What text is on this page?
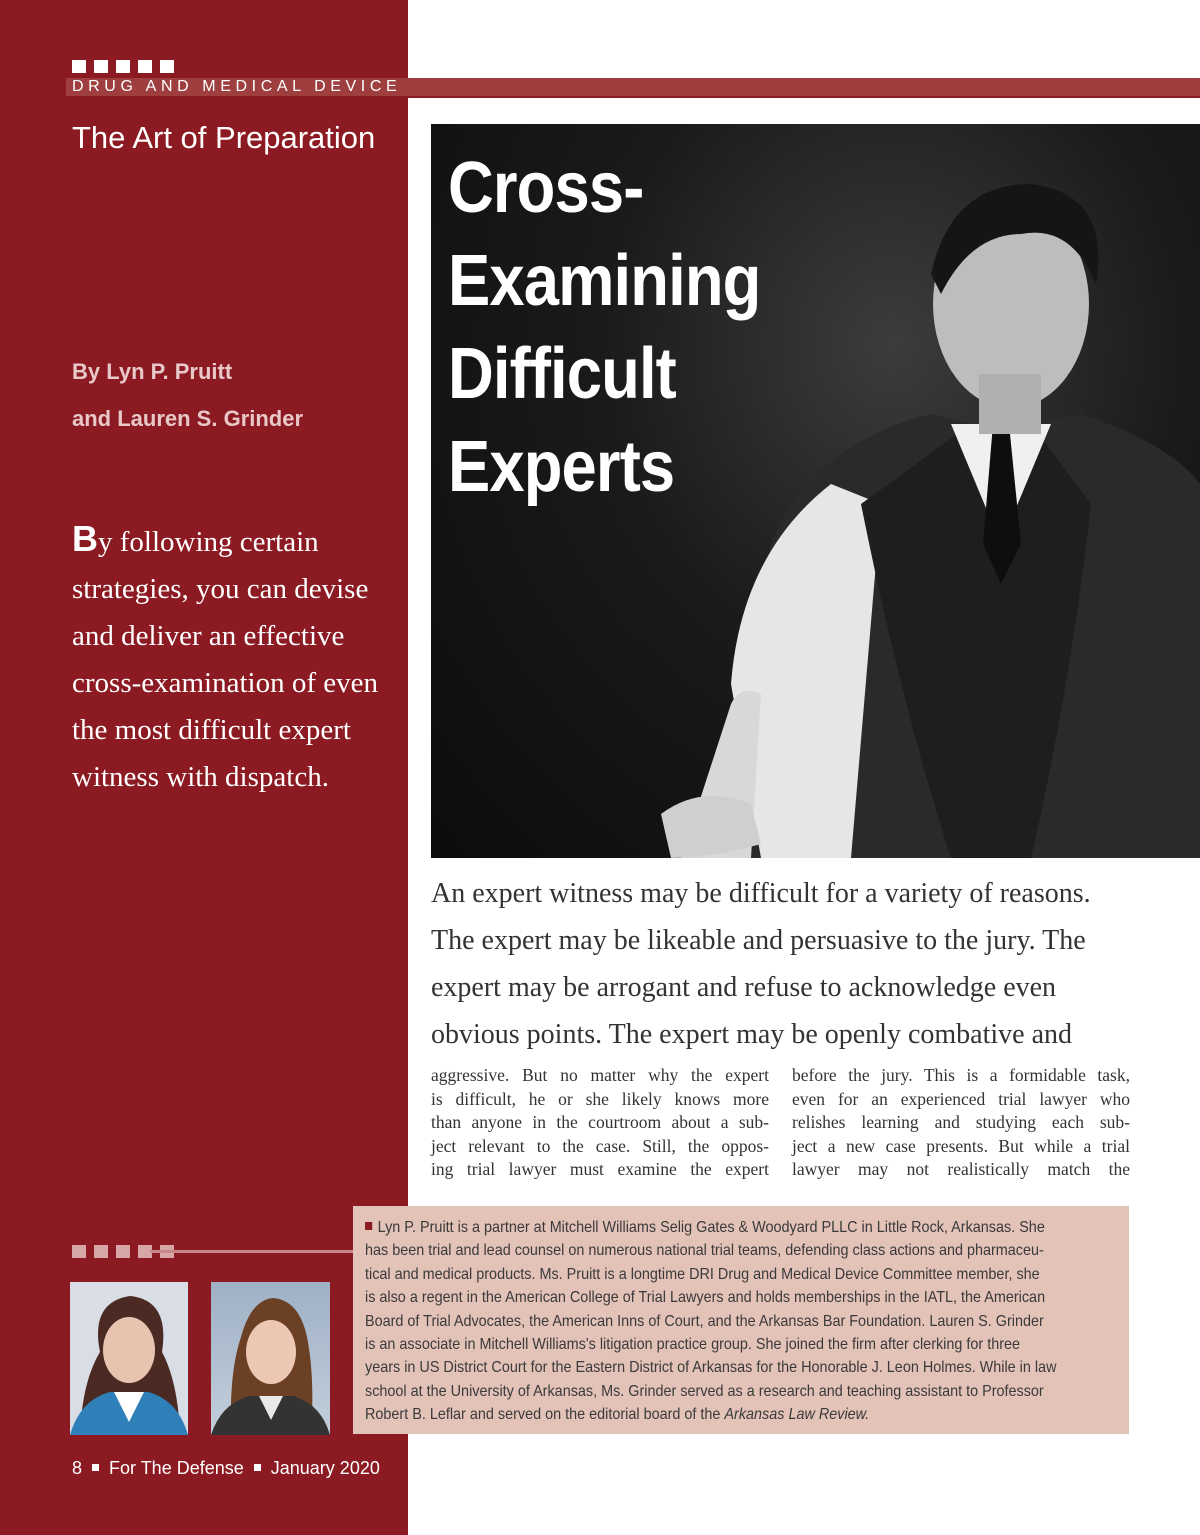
DRUG AND MEDICAL DEVICE
The Art of Preparation
By Lyn P. Pruitt
and Lauren S. Grinder
By following certain
strategies, you can devise
and deliver an effective
cross-examination of even
the most difficult expert
witness with dispatch.
Cross-
Examining
Difficult
Experts
An expert witness may be difficult for a variety of reasons.
The expert may be likeable and persuasive to the jury. The
expert may be arrogant and refuse to acknowledge even
obvious points. The expert may be openly combative and
aggressive. But no matter why the expert
is difficult, he or she likely knows more
than anyone in the courtroom about a sub-
ject relevant to the case. Still, the oppos-
ing trial lawyer must examine the expert
before the jury. This is a formidable task,
even for an experienced trial lawyer who
relishes learning and studying each sub-
ject a new case presents. But while a trial
lawyer may not realistically match the
Lyn P. Pruitt is a partner at Mitchell Williams Selig Gates & Woodyard PLLC in Little Rock, Arkansas. She
has been trial and lead counsel on numerous national trial teams, defending class actions and pharmaceu-
tical and medical products. Ms. Pruitt is a longtime DRI Drug and Medical Device Committee member, she
is also a regent in the American College of Trial Lawyers and holds memberships in the IATL, the American
Board of Trial Advocates, the American Inns of Court, and the Arkansas Bar Foundation. Lauren S. Grinder
is an associate in Mitchell Williams's litigation practice group. She joined the firm after clerking for three
years in US District Court for the Eastern District of Arkansas for the Honorable J. Leon Holmes. While in law
school at the University of Arkansas, Ms. Grinder served as a research and teaching assistant to Professor
Robert B. Leflar and served on the editorial board of the Arkansas Law Review.
8 For The Defense January 2020
